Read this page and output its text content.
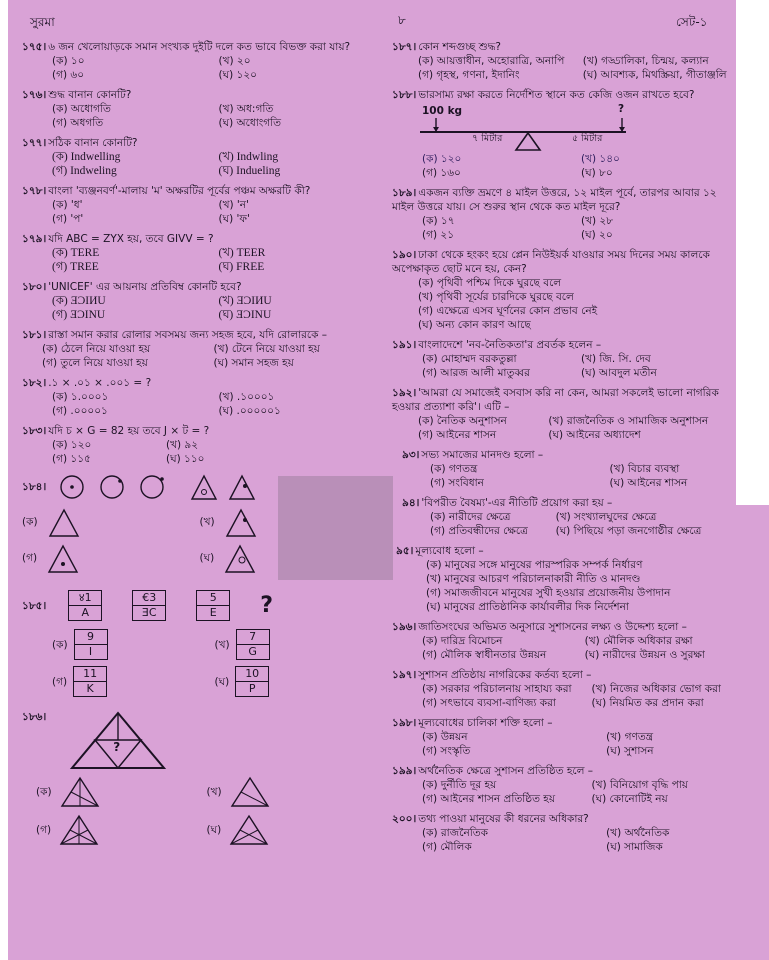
সুরমা	৮	সেট-১
১৭৫। ৬ জন খেলোয়াড়কে সমান সংখ্যক দুইটি দলে কত ভাবে বিভক্ত করা যায়?
(ক) ১০	(খ) ২০
(গ) ৬০	(ঘ) ১২০
১৭৬। শুদ্ধ বানান কোনটি?
(ক) অধোগতি	(খ) অধ:গতি
(গ) অধগতি	(ঘ) অধোংগতি
১৭৭। সঠিক বানান কোনটি?
(ক) Indwelling	(খ) Indwling
(গ) Indweling	(ঘ) Indueling
১৭৮। বাংলা 'ব্যঞ্জনবর্ণ'-মালায় 'ম' অক্ষরটির পূর্বের পঞ্চম অক্ষরটি কী?
(ক) 'ধ'	(খ) 'ন'
(গ) 'প'	(ঘ) 'ফ'
১৭৯। যদি ABC = ZYX হয়, তবে GIVV = ?
(ক) TERE	(খ) TEER
(গ) TREE	(ঘ) FREE
১৮০। 'UNICEF' এর আয়নায় প্রতিবিম্ব কোনটি হবে?
(ক) ƎƆIИU	(খ) ƎƆIИU
(গ) ƎƆINU	(ঘ) ƎƆINU
১৮১। রাস্তা সমান করার রোলার সবসময় জন্য সহজ হবে, যদি রোলারকে –
(ক) ঠেলে নিয়ে যাওয়া হয়	(খ) টেনে নিয়ে যাওয়া হয়
(গ) তুলে নিয়ে যাওয়া হয়	(ঘ) সমান সহজ হয়
১৮২। .১ × .০১ × .০০১ = ?
(ক) ১.০০০১	(খ) .১০০০১
(গ) .০০০০১	(ঘ) .০০০০০১
১৮৩। যদি চ × G = 82 হয় তবে J × ট = ?
(ক) ১২০	(খ) ৯২
(গ) ১১৫	(ঘ) ১১০
১৮৪।
(ক)	(খ)
(গ)	(ঘ)
১৮৫।
४1
A
€3
ƎC
5
E	?
(ক)
9
I
(খ)
7
G
(গ)
11
K
(ঘ)
10
P
১৮৬।
?
(ক)	(খ)
(গ)	(ঘ)
১৮৭। কোন শব্দগুচ্ছ শুদ্ধ?
(ক) আয়ত্তাধীন, অহোরাত্রি, অনাপি	(খ) গড্ডালিকা, চিন্ময়, কল্যান
(গ) গৃহস্থ, গণনা, ইদানিং	(ঘ) আবশ্যক, মিথস্ক্রিয়া, গীতাঞ্জলি
১৮৮। ভারসাম্য রক্ষা করতে নির্দেশিত স্থানে কত কেজি ওজন রাখতে হবে?
100 kg	?
৭ মিটার	৫ মিটার
(ক) ১২০	(খ) ১৪০
(গ) ১৬০	(ঘ) ৮০
১৮৯। একজন ব্যক্তি ভ্রমণে ৪ মাইল উত্তরে, ১২ মাইল পূর্বে, তারপর আবার ১২ মাইল উত্তরে যায়। সে শুরুর স্থান থেকে কত মাইল দূরে?
(ক) ১৭	(খ) ২৮
(গ) ২১	(ঘ) ২০
১৯০। ঢাকা থেকে হংকং হয়ে প্লেন নিউইয়র্ক যাওয়ার সময় দিনের সময় কালকে অপেক্ষাকৃত ছোট মনে হয়, কেন?
(ক) পৃথিবী পশ্চিম দিকে ঘুরছে বলে
(খ) পৃথিবী সূর্যের চারদিকে ঘুরছে বলে
(গ) এক্ষেত্রে এসব ঘূর্ণনের কোন প্রভাব নেই
(ঘ) অন্য কোন কারণ আছে
১৯১। বাংলাদেশে 'নব-নৈতিকতা'র প্রবর্তক হলেন –
(ক) মোহাম্মদ বরকতুল্লা	(খ) জি. সি. দেব
(গ) আরজ আলী মাতুব্বর	(ঘ) আবদুল মতীন
১৯২। 'আমরা যে সমাজেই বসবাস করি না কেন, আমরা সকলেই ভালো নাগরিক হওয়ার প্রত্যাশা করি'। এটি –
(ক) নৈতিক অনুশাসন	(খ) রাজনৈতিক ও সামাজিক অনুশাসন
(গ) আইনের শাসন	(ঘ) আইনের অধ্যাদেশ
৯৩। সভ্য সমাজের মানদণ্ড হলো –
(ক) গণতন্ত্র	(খ) বিচার ব্যবস্থা
(গ) সংবিধান	(ঘ) আইনের শাসন
৯৪। 'বিপরীত বৈষম্য'-এর নীতিটি প্রয়োগ করা হয় –
(ক) নারীদের ক্ষেত্রে	(খ) সংখ্যালঘুদের ক্ষেত্রে
(গ) প্রতিবন্ধীদের ক্ষেত্রে	(ঘ) পিছিয়ে পড়া জনগোষ্ঠীর ক্ষেত্রে
৯৫। মূল্যবোধ হলো –
(ক) মানুষের সঙ্গে মানুষের পারস্পরিক সম্পর্ক নির্ধারণ
(খ) মানুষের আচরণ পরিচালনাকারী নীতি ও মানদণ্ড
(গ) সমাজজীবনে মানুষের সুখী হওয়ার প্রয়োজনীয় উপাদান
(ঘ) মানুষের প্রাতিষ্ঠানিক কার্যাবলীর দিক নির্দেশনা
১৯৬। জাতিসংঘের অভিমত অনুসারে সুশাসনের লক্ষ্য ও উদ্দেশ্য হলো –
(ক) দারিদ্র বিমোচন	(খ) মৌলিক অধিকার রক্ষা
(গ) মৌলিক স্বাধীনতার উন্নয়ন	(ঘ) নারীদের উন্নয়ন ও সুরক্ষা
১৯৭। সুশাসন প্রতিষ্ঠায় নাগরিকের কর্তব্য হলো –
(ক) সরকার পরিচালনায় সাহায্য করা	(খ) নিজের অধিকার ভোগ করা
(গ) সৎভাবে ব্যবসা-বাণিজ্য করা	(ঘ) নিয়মিত কর প্রদান করা
১৯৮। মূল্যবোধের চালিকা শক্তি হলো –
(ক) উন্নয়ন	(খ) গণতন্ত্র
(গ) সংস্কৃতি	(ঘ) সুশাসন
১৯৯। অর্থনৈতিক ক্ষেত্রে সুশাসন প্রতিষ্ঠিত হলে –
(ক) দুর্নীতি দূর হয়	(খ) বিনিয়োগ বৃদ্ধি পায়
(গ) আইনের শাসন প্রতিষ্ঠিত হয়	(ঘ) কোনোটিই নয়
২০০। তথ্য পাওয়া মানুষের কী ধরনের অধিকার?
(ক) রাজনৈতিক	(খ) অর্থনৈতিক
(গ) মৌলিক	(ঘ) সামাজিক
